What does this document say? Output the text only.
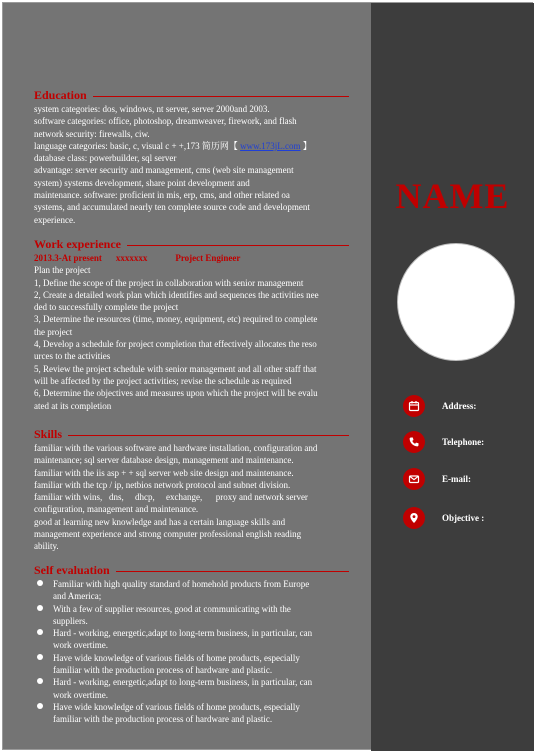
Education

system categories: dos, windows, nt server, server 2000and 2003.

software categories: office, photoshop, dreamweaver, firework, and flash

network security: firewalls, ciw.

language categories: basic, c, visual c + +,173 简历网【 www.173jL.com 】

database class: powerbuilder, sql server

advantage: server security and management, cms (web site management

system) systems development, share point development and

maintenance. software: proficient in mis, erp, cms, and other related oa

systems, and accumulated nearly ten complete source code and development

experience.

Work experience

2013.3-At present xxxxxxx	Project Engineer

Plan the project

1, Define the scope of the project in collaboration with senior management

2, Create a detailed work plan which identifies and sequences the activities nee

ded to successfully complete the project

3, Determine the resources (time, money, equipment, etc) required to complete

the project

4, Develop a schedule for project completion that effectively allocates the reso

urces to the activities

5, Review the project schedule with senior management and all other staff that

will be affected by the project activities; revise the schedule as required

6, Determine the objectives and measures upon which the project will be evalu

ated at its completion

Skills

familiar with the various software and hardware installation, configuration and

maintenance; sql server database design, management and maintenance.

familiar with the iis asp + + sql server web site design and maintenance.

familiar with the tcp / ip, netbios network protocol and subnet division.

familiar with wins,   dns,     dhcp,     exchange,      proxy and network server

configuration, management and maintenance.

good at learning new knowledge and has a certain language skills and

management experience and strong computer professional english reading

ability.

Self evaluation
Familiar with high quality standard of homehold products from Europe
and America;
With a few of supplier resources, good at communicating with the
suppliers.
Hard - working, energetic,adapt to long-term business, in particular, can
work overtime.
Have wide knowledge of various fields of home products, especially
familiar with the production process of hardware and plastic.
Hard - working, energetic,adapt to long-term business, in particular, can
work overtime.
Have wide knowledge of various fields of home products, especially
familiar with the production process of hardware and plastic.
NAME
Address:
Telephone:
E-mail:
Objective :
